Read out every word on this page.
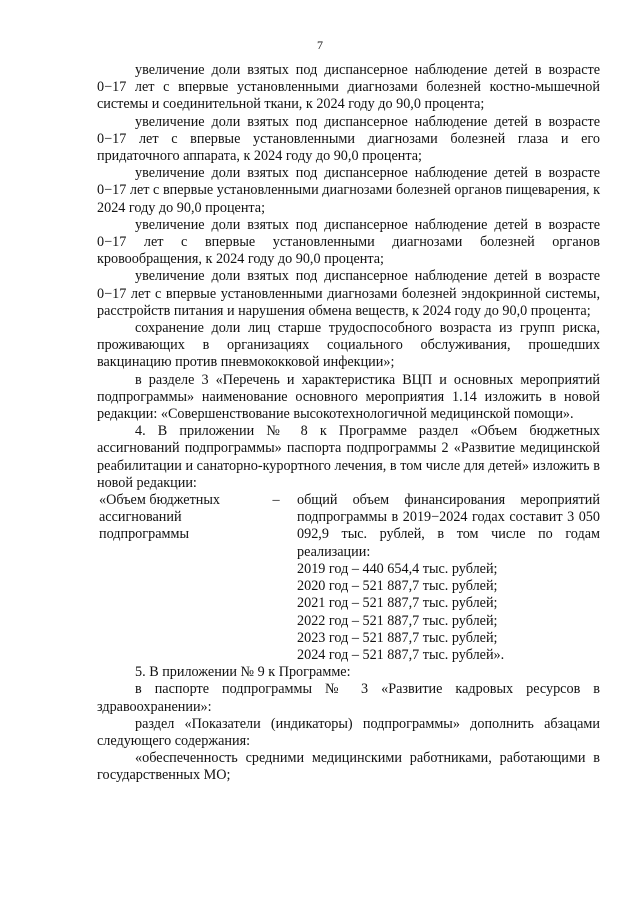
7

увеличение доли взятых под диспансерное наблюдение детей в возрасте 0−17 лет с впервые установленными диагнозами болезней костно-мышечной системы и соединительной ткани, к 2024 году до 90,0 процента;

увеличение доли взятых под диспансерное наблюдение детей в возрасте 0−17 лет с впервые установленными диагнозами болезней глаза и его придаточного аппарата, к 2024 году до 90,0 процента;

увеличение доли взятых под диспансерное наблюдение детей в возрасте 0−17 лет с впервые установленными диагнозами болезней органов пищеварения, к 2024 году до 90,0 процента;

увеличение доли взятых под диспансерное наблюдение детей в возрасте 0−17 лет с впервые установленными диагнозами болезней органов кровообращения, к 2024 году до 90,0 процента;

увеличение доли взятых под диспансерное наблюдение детей в возрасте 0−17 лет с впервые установленными диагнозами болезней эндокринной системы, расстройств питания и нарушения обмена веществ, к 2024 году до 90,0 процента;

сохранение доли лиц старше трудоспособного возраста из групп риска, проживающих в организациях социального обслуживания, прошедших вакцинацию против пневмококковой инфекции»;

в разделе 3 «Перечень и характеристика ВЦП и основных мероприятий подпрограммы» наименование основного мероприятия 1.14 изложить в новой редакции: «Совершенствование высокотехнологичной медицинской помощи».

4. В приложении № 8 к Программе раздел «Объем бюджетных ассигнований подпрограммы» паспорта подпрограммы 2 «Развитие медицинской реабилитации и санаторно-курортного лечения, в том числе для детей» изложить в новой редакции:

«Объем бюджетных ассигнований подпрограммы
–	общий объем финансирования мероприятий подпрограммы в 2019−2024 годах составит 3 050 092,9 тыс. рублей, в том числе по годам реализации:

2019 год – 440 654,4 тыс. рублей;

2020 год – 521 887,7 тыс. рублей;

2021 год – 521 887,7 тыс. рублей;

2022 год – 521 887,7 тыс. рублей;

2023 год – 521 887,7 тыс. рублей;

2024 год – 521 887,7 тыс. рублей».

5. В приложении № 9 к Программе:

в паспорте подпрограммы № 3 «Развитие кадровых ресурсов в здравоохранении»:

раздел «Показатели (индикаторы) подпрограммы» дополнить абзацами следующего содержания:

«обеспеченность средними медицинскими работниками, работающими в государственных МО;
